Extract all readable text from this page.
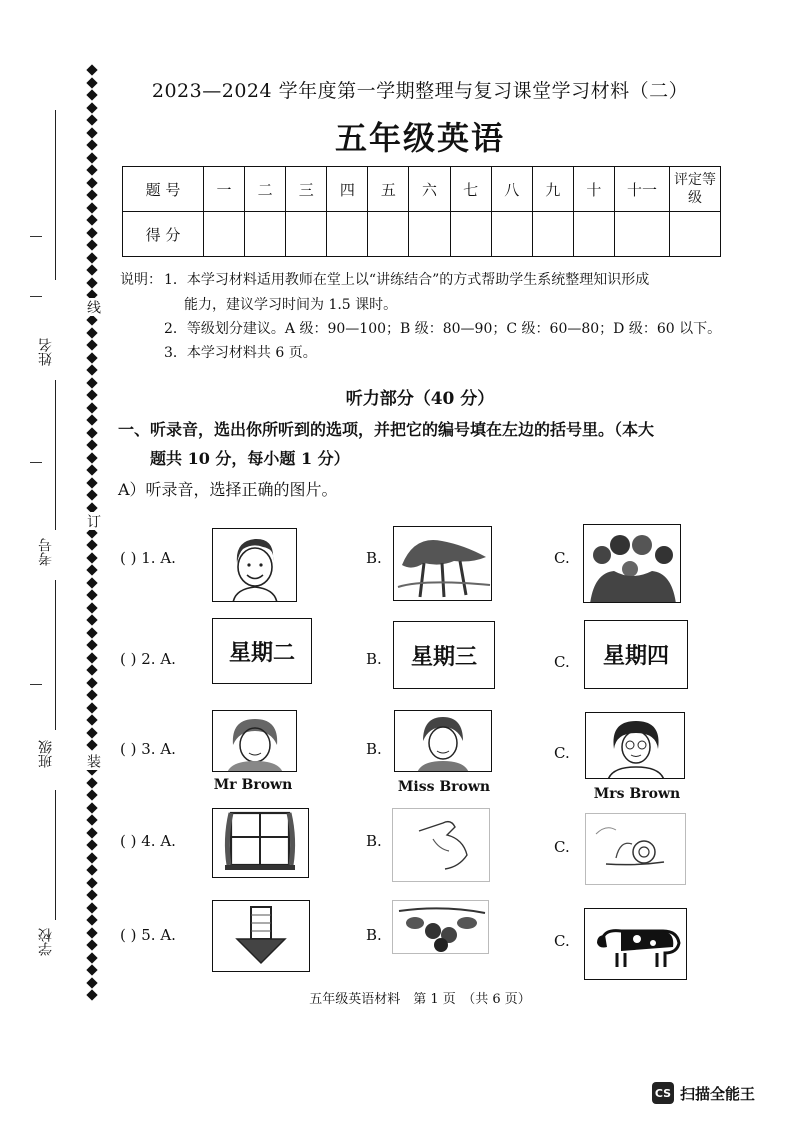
线
订
装
姓名
考号
班级
学校
2023—2024 学年度第一学期整理与复习课堂学习材料（二）
五年级英语
题 号	一	二	三	四	五	六	七	八	九	十	十一	评定等级
得 分												
说明： 1．本学习材料适用教师在堂上以“讲练结合”的方式帮助学生系统整理知识形成
能力，建议学习时间为 1.5 课时。
2．等级划分建议。A 级：90—100；B 级：80—90；C 级：60—80；D 级：60 以下。
3．本学习材料共 6 页。
听力部分（40 分）
一、听录音，选出你所听到的选项，并把它的编号填在左边的括号里。（本大
题共 10 分，每小题 1 分）
A）听录音，选择正确的图片。
( ) 1. A.	B.	C.
( ) 2. A.	星期二	B.	星期三	C.	星期四
( ) 3. A.
Mr Brown
B.
Miss Brown
C.
Mrs Brown
( ) 4. A.	B.	C.
( ) 5. A.	B.	C.
五年级英语材料　第 1 页　（共 6 页）
CS 扫描全能王
